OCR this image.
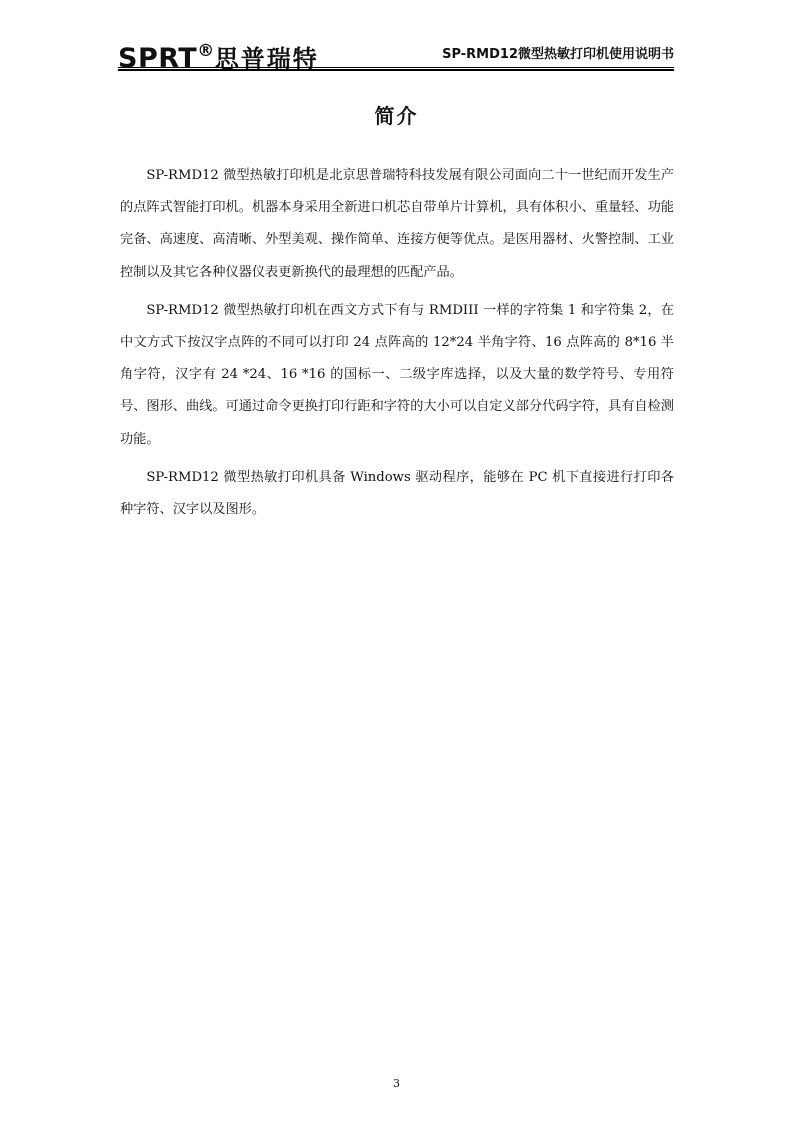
SPRT®思普瑞特	SP-RMD12微型热敏打印机使用说明书
简介

SP-RMD12 微型热敏打印机是北京思普瑞特科技发展有限公司面向二十一世纪而开发生产的点阵式智能打印机。机器本身采用全新进口机芯自带单片计算机，具有体积小、重量轻、功能完备、高速度、高清晰、外型美观、操作简单、连接方便等优点。是医用器材、火警控制、工业控制以及其它各种仪器仪表更新换代的最理想的匹配产品。

SP-RMD12 微型热敏打印机在西文方式下有与 RMDIII 一样的字符集 1 和字符集 2，在中文方式下按汉字点阵的不同可以打印 24 点阵高的 12*24 半角字符、16 点阵高的 8*16 半角字符，汉字有 24 *24、16 *16 的国标一、二级字库选择，以及大量的数学符号、专用符号、图形、曲线。可通过命令更换打印行距和字符的大小可以自定义部分代码字符，具有自检测功能。

SP-RMD12 微型热敏打印机具备 Windows 驱动程序，能够在 PC 机下直接进行打印各种字符、汉字以及图形。

3
